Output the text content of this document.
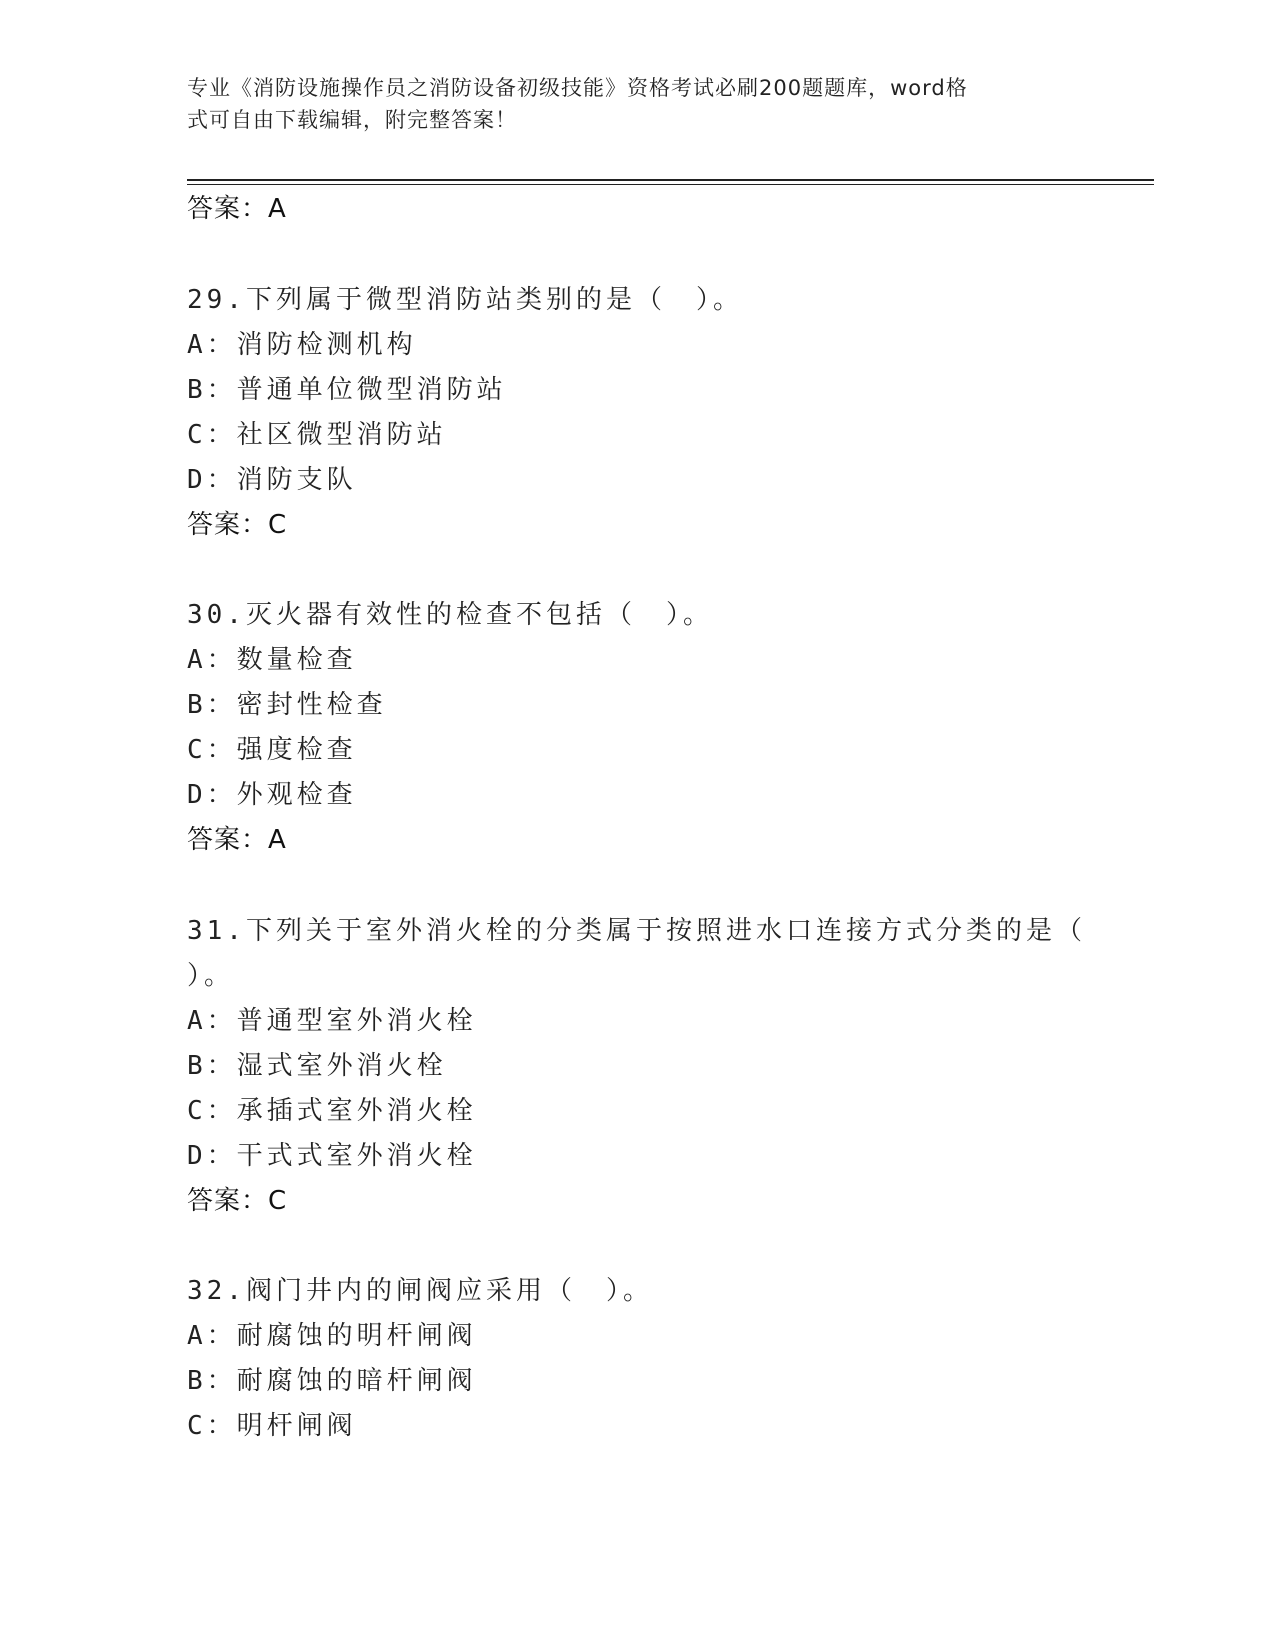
专业《消防设施操作员之消防设备初级技能》资格考试必刷200题题库，word格
式可自由下载编辑，附完整答案！
答案：A
29.下列属于微型消防站类别的是（　）。
A：消防检测机构
B：普通单位微型消防站
C：社区微型消防站
D：消防支队
答案：C
30.灭火器有效性的检查不包括（　）。
A：数量检查
B：密封性检查
C：强度检查
D：外观检查
答案：A
31.下列关于室外消火栓的分类属于按照进水口连接方式分类的是（
）。
A：普通型室外消火栓
B：湿式室外消火栓
C：承插式室外消火栓
D：干式式室外消火栓
答案：C
32.阀门井内的闸阀应采用（　）。
A：耐腐蚀的明杆闸阀
B：耐腐蚀的暗杆闸阀
C：明杆闸阀
